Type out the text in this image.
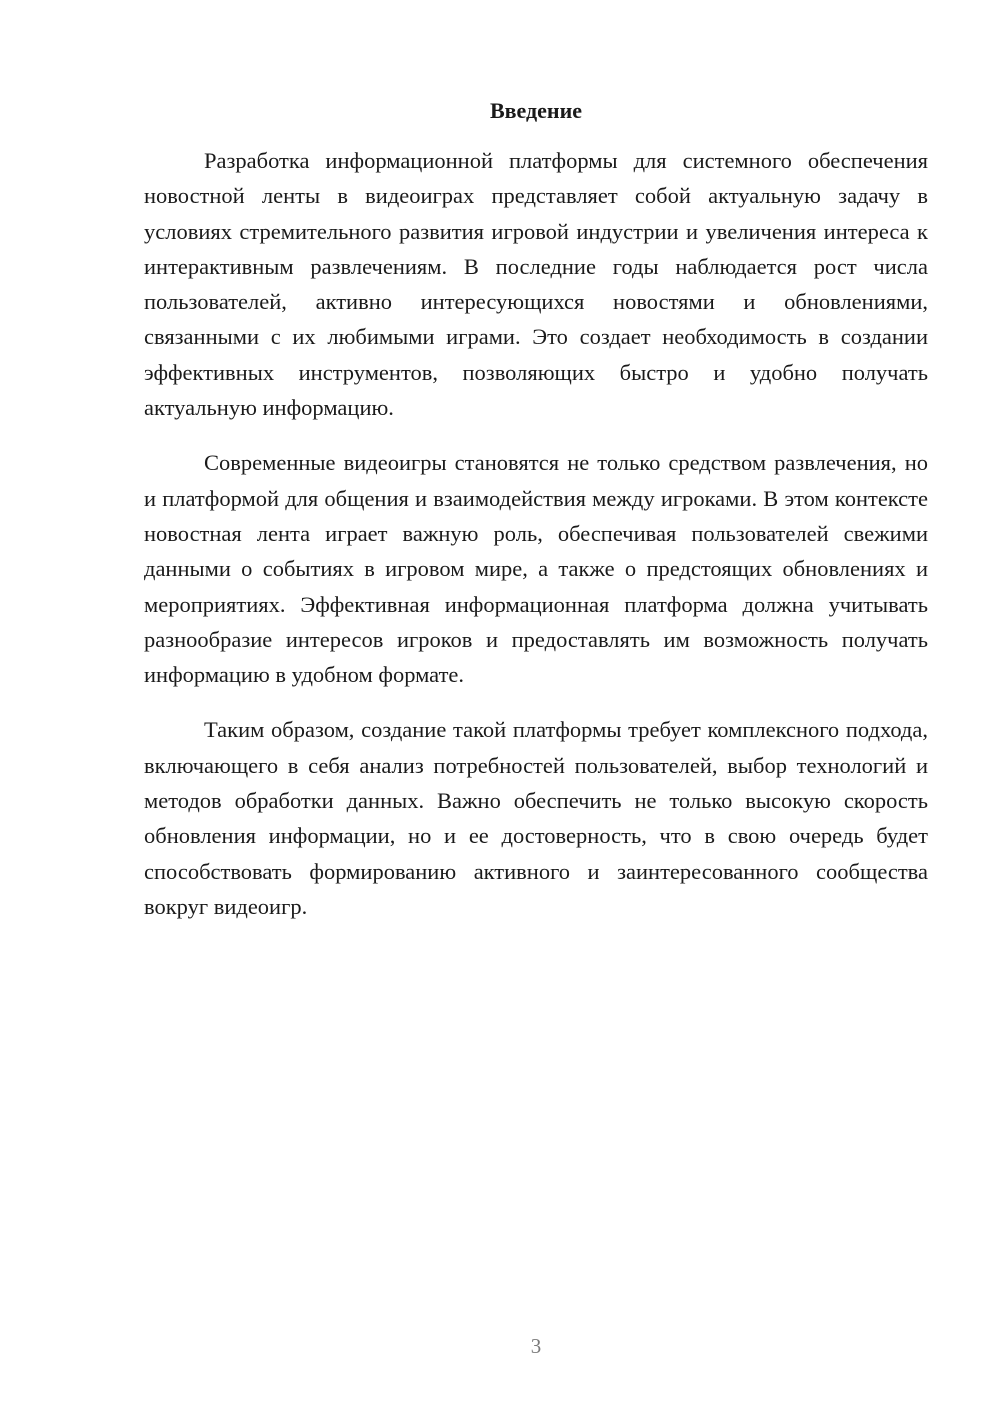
Введение

Разработка информационной платформы для системного обеспечения новостной ленты в видеоиграх представляет собой актуальную задачу в условиях стремительного развития игровой индустрии и увеличения интереса к интерактивным развлечениям. В последние годы наблюдается рост числа пользователей, активно интересующихся новостями и обновлениями, связанными с их любимыми играми. Это создает необходимость в создании эффективных инструментов, позволяющих быстро и удобно получать актуальную информацию.

Современные видеоигры становятся не только средством развлечения, но и платформой для общения и взаимодействия между игроками. В этом контексте новостная лента играет важную роль, обеспечивая пользователей свежими данными о событиях в игровом мире, а также о предстоящих обновлениях и мероприятиях. Эффективная информационная платформа должна учитывать разнообразие интересов игроков и предоставлять им возможность получать информацию в удобном формате.

Таким образом, создание такой платформы требует комплексного подхода, включающего в себя анализ потребностей пользователей, выбор технологий и методов обработки данных. Важно обеспечить не только высокую скорость обновления информации, но и ее достоверность, что в свою очередь будет способствовать формированию активного и заинтересованного сообщества вокруг видеоигр.

3
